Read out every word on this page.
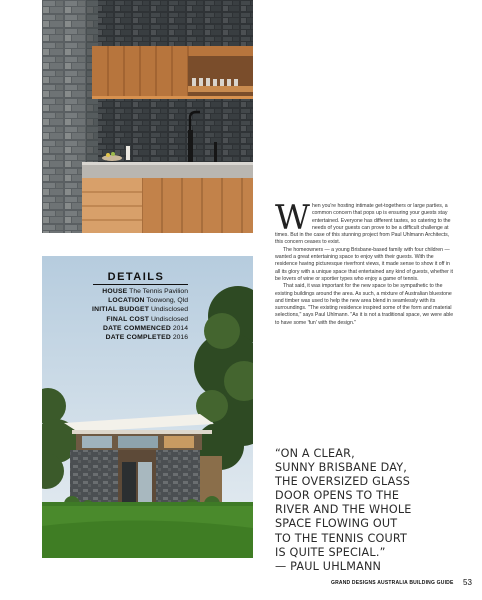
DETAILS
HOUSE The Tennis Pavilion
LOCATION Toowong, Qld
INITIAL BUDGET Undisclosed
FINAL COST Undisclosed
DATE COMMENCED 2014
DATE COMPLETED 2016

When you're hosting intimate get-togethers or large parties, a common concern that pops up is ensuring your guests stay entertained. Everyone has different tastes, so catering to the needs of your guests can prove to be a difficult challenge at times. But in the case of this stunning project from Paul Uhlmann Architects, this concern ceases to exist.

The homeowners — a young Brisbane-based family with four children — wanted a great entertaining space to enjoy with their guests. With the residence having picturesque riverfront views, it made sense to show it off in all its glory with a unique space that entertained any kind of guests, whether it be lovers of wine or sportier types who enjoy a game of tennis.

That said, it was important for the new space to be sympathetic to the existing buildings around the area. As such, a mixture of Australian bluestone and timber was used to help the new area blend in seamlessly with its surroundings. "The existing residence inspired some of the form and material selections," says Paul Uhlmann. "As it is not a traditional space, we were able to have some 'fun' with the design."

“ON A CLEAR,
SUNNY BRISBANE DAY,
THE OVERSIZED GLASS
DOOR OPENS TO THE
RIVER AND THE WHOLE
SPACE FLOWING OUT
TO THE TENNIS COURT
IS QUITE SPECIAL.”
— PAUL UHLMANN
GRAND DESIGNS AUSTRALIA BUILDING GUIDE 53
